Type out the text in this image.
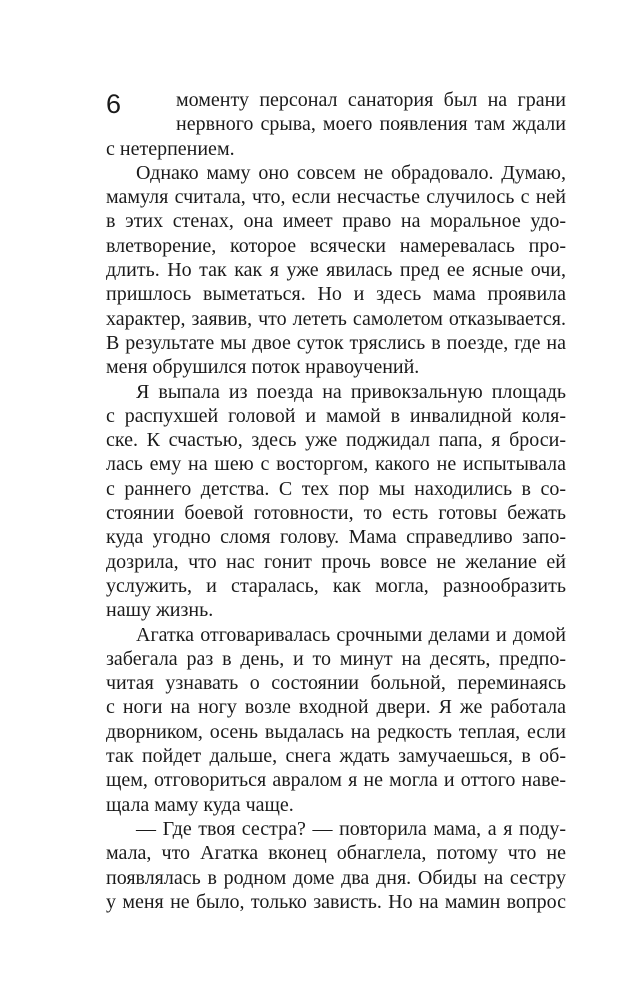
6	моменту персонал санатория был на грани

нервного срыва, моего появления там ждали

с нетерпением.

Однако маму оно совсем не обрадовало. Думаю,

мамуля считала, что, если несчастье случилось с ней

в этих стенах, она имеет право на моральное удо-

влетворение, которое всячески намеревалась про-

длить. Но так как я уже явилась пред ее ясные очи,

пришлось выметаться. Но и здесь мама проявила

характер, заявив, что лететь самолетом отказывается.

В результате мы двое суток тряслись в поезде, где на

меня обрушился поток нравоучений.

Я выпала из поезда на привокзальную площадь

с распухшей головой и мамой в инвалидной коля-

ске. К счастью, здесь уже поджидал папа, я броси-

лась ему на шею с восторгом, какого не испытывала

с раннего детства. С тех пор мы находились в со-

стоянии боевой готовности, то есть готовы бежать

куда угодно сломя голову. Мама справедливо запо-

дозрила, что нас гонит прочь вовсе не желание ей

услужить, и старалась, как могла, разнообразить

нашу жизнь.

Агатка отговаривалась срочными делами и домой

забегала раз в день, и то минут на десять, предпо-

читая узнавать о состоянии больной, переминаясь

с ноги на ногу возле входной двери. Я же работала

дворником, осень выдалась на редкость теплая, если

так пойдет дальше, снега ждать замучаешься, в об-

щем, отговориться авралом я не могла и оттого наве-

щала маму куда чаще.

— Где твоя сестра? — повторила мама, а я поду-

мала, что Агатка вконец обнаглела, потому что не

появлялась в родном доме два дня. Обиды на сестру

у меня не было, только зависть. Но на мамин вопрос
